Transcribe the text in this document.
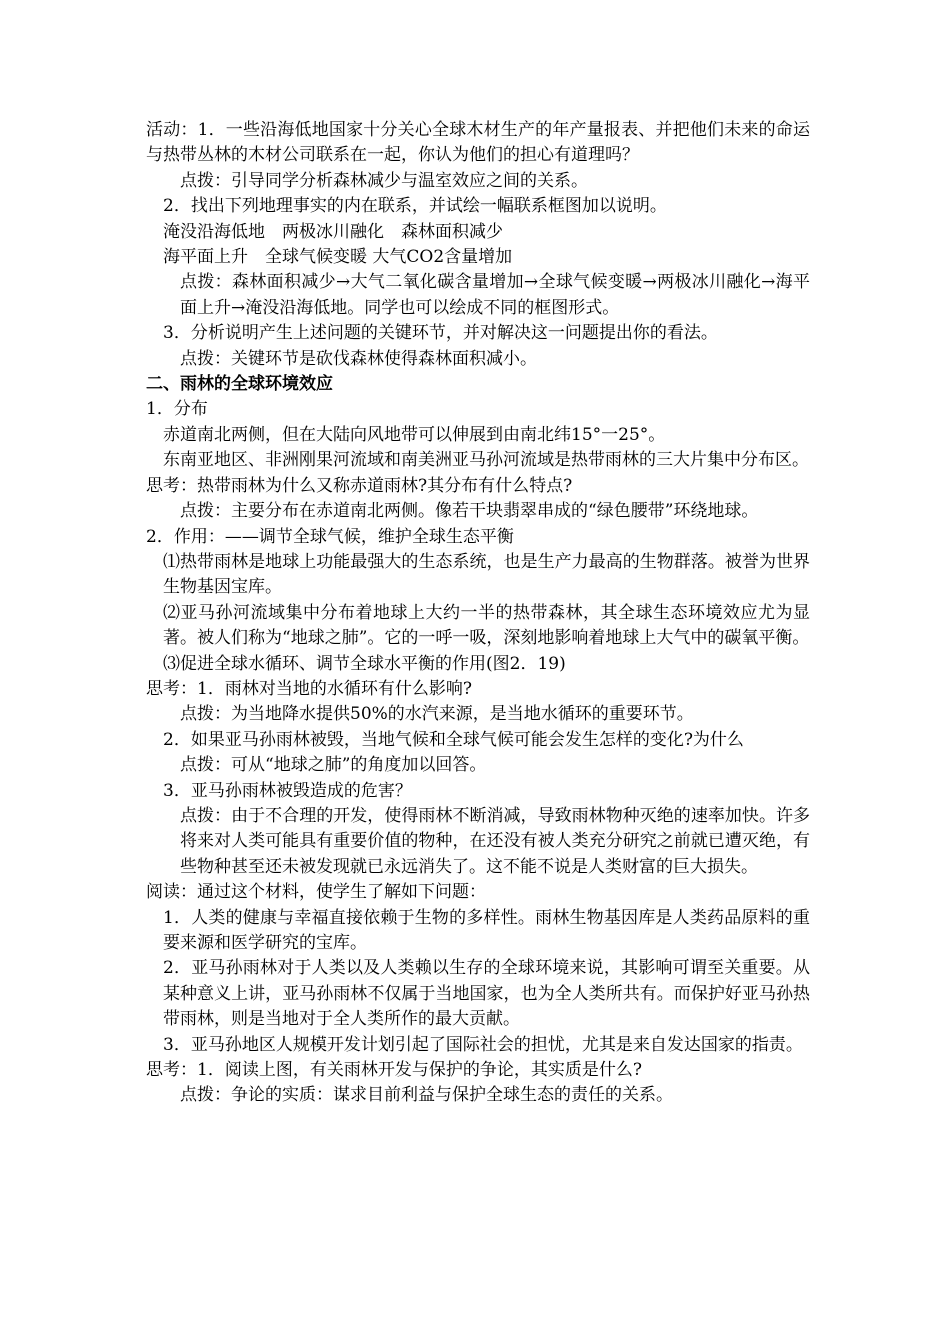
活动：1．一些沿海低地国家十分关心全球木材生产的年产量报表、并把他们未来的命运与热带丛林的木材公司联系在一起，你认为他们的担心有道理吗？

点拨：引导同学分析森林减少与温室效应之间的关系。

2．找出下列地理事实的内在联系，并试绘一幅联系框图加以说明。

淹没沿海低地　两极冰川融化　森林面积减少

海平面上升　全球气候变暖 大气CO2含量增加

点拨：森林面积减少→大气二氧化碳含量增加→全球气候变暖→两极冰川融化→海平面上升→淹没沿海低地。同学也可以绘成不同的框图形式。

3．分析说明产生上述问题的关键环节，并对解决这一问题提出你的看法。

点拨：关键环节是砍伐森林使得森林面积减小。

二、雨林的全球环境效应

1．分布

赤道南北两侧，但在大陆向风地带可以伸展到由南北纬15°一25°。

东南亚地区、非洲刚果河流域和南美洲亚马孙河流域是热带雨林的三大片集中分布区。

思考：热带雨林为什么又称赤道雨林?其分布有什么特点?

点拨：主要分布在赤道南北两侧。像若干块翡翠串成的“绿色腰带”环绕地球。

2．作用：——调节全球气候，维护全球生态平衡

⑴热带雨林是地球上功能最强大的生态系统，也是生产力最高的生物群落。被誉为世界生物基因宝库。

⑵亚马孙河流域集中分布着地球上大约一半的热带森林，其全球生态环境效应尤为显著。被人们称为“地球之肺”。它的一呼一吸，深刻地影响着地球上大气中的碳氧平衡。

⑶促进全球水循环、调节全球水平衡的作用(图2．19)

思考：1．雨林对当地的水循环有什么影响?

点拨：为当地降水提供50%的水汽来源，是当地水循环的重要环节。

2．如果亚马孙雨林被毁，当地气候和全球气候可能会发生怎样的变化?为什么

点拨：可从“地球之肺”的角度加以回答。

3．亚马孙雨林被毁造成的危害？

点拨：由于不合理的开发，使得雨林不断消减，导致雨林物种灭绝的速率加快。许多将来对人类可能具有重要价值的物种，在还没有被人类充分研究之前就已遭灭绝，有些物种甚至还未被发现就已永远消失了。这不能不说是人类财富的巨大损失。

阅读：通过这个材料，使学生了解如下问题：

1．人类的健康与幸福直接依赖于生物的多样性。雨林生物基因库是人类药品原料的重 要来源和医学研究的宝库。

2．亚马孙雨林对于人类以及人类赖以生存的全球环境来说，其影响可谓至关重要。从某种意义上讲，亚马孙雨林不仅属于当地国家，也为全人类所共有。而保护好亚马孙热带雨林，则是当地对于全人类所作的最大贡献。

3．亚马孙地区人规模开发计划引起了国际社会的担忧，尤其是来自发达国家的指责。

思考：1．阅读上图，有关雨林开发与保护的争论，其实质是什么?

点拨：争论的实质：谋求目前利益与保护全球生态的责任的关系。
